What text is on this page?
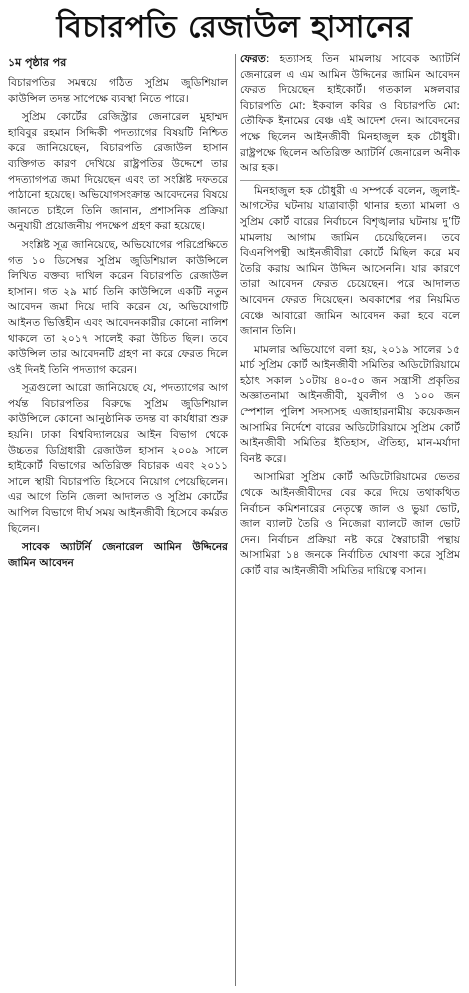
বিচারপতি রেজাউল হাসানের
১ম পৃষ্ঠার পর

বিচারপতির সমন্বয়ে গঠিত সুপ্রিম জুডিশিয়াল কাউন্সিল তদন্ত সাপেক্ষে ব্যবস্থা নিতে পারে।

সুপ্রিম কোর্টের রেজিস্ট্রার জেনারেল মুহাম্মদ হাবিবুর রহমান সিদ্দিকী পদত্যাগের বিষয়টি নিশ্চিত করে জানিয়েছেন, বিচারপতি রেজাউল হাসান ব্যক্তিগত কারণ দেখিয়ে রাষ্ট্রপতির উদ্দেশে তার পদত্যাগপত্র জমা দিয়েছেন এবং তা সংশ্লিষ্ট দফতরে পাঠানো হয়েছে। অভিযোগসংক্রান্ত আবেদনের বিষয়ে জানতে চাইলে তিনি জানান, প্রশাসনিক প্রক্রিয়া অনুযায়ী প্রয়োজনীয় পদক্ষেপ গ্রহণ করা হয়েছে।

সংশ্লিষ্ট সূত্র জানিয়েছে, অভিযোগের পরিপ্রেক্ষিতে গত ১০ ডিসেম্বর সুপ্রিম জুডিশিয়াল কাউন্সিলে লিখিত বক্তব্য দাখিল করেন বিচারপতি রেজাউল হাসান। গত ২৯ মার্চ তিনি কাউন্সিলে একটি নতুন আবেদন জমা দিয়ে দাবি করেন যে, অভিযোগটি আইনত ভিত্তিহীন এবং আবেদনকারীর কোনো নালিশ থাকলে তা ২০১৭ সালেই করা উচিত ছিল। তবে কাউন্সিল তার আবেদনটি গ্রহণ না করে ফেরত দিলে ওই দিনই তিনি পদত্যাগ করেন।

সূত্রগুলো আরো জানিয়েছে যে, পদত্যাগের আগ পর্যন্ত বিচারপতির বিরুদ্ধে সুপ্রিম জুডিশিয়াল কাউন্সিলে কোনো আনুষ্ঠানিক তদন্ত বা কার্যধারা শুরু হয়নি। ঢাকা বিশ্ববিদ্যালয়ের আইন বিভাগ থেকে উচ্চতর ডিগ্রিধারী রেজাউল হাসান ২০০৯ সালে হাইকোর্ট বিভাগের অতিরিক্ত বিচারক এবং ২০১১ সালে স্থায়ী বিচারপতি হিসেবে নিয়োগ পেয়েছিলেন। এর আগে তিনি জেলা আদালত ও সুপ্রিম কোর্টের আপিল বিভাগে দীর্ঘ সময় আইনজীবী হিসেবে কর্মরত ছিলেন।

সাবেক অ্যাটর্নি জেনারেল আমিন উদ্দিনের জামিন আবেদন

ফেরত: হত্যাসহ তিন মামলায় সাবেক অ্যাটর্নি জেনারেল এ এম আমিন উদ্দিনের জামিন আবেদন ফেরত দিয়েছেন হাইকোর্ট। গতকাল মঙ্গলবার বিচারপতি মো: ইকবাল কবির ও বিচারপতি মো: তৌফিক ইনামের বেঞ্চ এই আদেশ দেন। আবেদনের পক্ষে ছিলেন আইনজীবী মিনহাজুল হক চৌধুরী। রাষ্ট্রপক্ষে ছিলেন অতিরিক্ত অ্যাটর্নি জেনারেল অনীক আর হক।

মিনহাজুল হক চৌধুরী এ সম্পর্কে বলেন, জুলাই-আগস্টের ঘটনায় যাত্রাবাড়ী থানার হত্যা মামলা ও সুপ্রিম কোর্ট বারের নির্বাচনে বিশৃঙ্খলার ঘটনায় দু’টি মামলায় আগাম জামিন চেয়েছিলেন। তবে বিএনপিপন্থী আইনজীবীরা কোর্টে মিছিল করে মব তৈরি করায় আমিন উদ্দিন আসেননি। যার কারণে তারা আবেদন ফেরত চেয়েছেন। পরে আদালত আবেদন ফেরত দিয়েছেন। অবকাশের পর নিয়মিত বেঞ্চে আবারো জামিন আবেদন করা হবে বলে জানান তিনি।

মামলার অভিযোগে বলা হয়, ২০১৯ সালের ১৫ মার্চ সুপ্রিম কোর্ট আইনজীবী সমিতির অডিটোরিয়ামে হঠাৎ সকাল ১০টায় ৪০-৫০ জন সন্ত্রাসী প্রকৃতির অজ্ঞাতনামা আইনজীবী, যুবলীগ ও ১০০ জন স্পেশাল পুলিশ সদস্যসহ এজাহারনামীয় কয়েকজন আসামির নির্দেশে বারের অডিটোরিয়ামে সুপ্রিম কোর্ট আইনজীবী সমিতির ইতিহাস, ঐতিহ্য, মান-মর্যাদা বিনষ্ট করে।

আসামিরা সুপ্রিম কোর্ট অডিটোরিয়ামের ভেতর থেকে আইনজীবীদের বের করে দিয়ে তথাকথিত নির্বাচন কমিশনারের নেতৃত্বে জাল ও ভুয়া ভোট, জাল ব্যালট তৈরি ও নিজেরা ব্যালটে জাল ভোট দেন। নির্বাচন প্রক্রিয়া নষ্ট করে স্বৈরাচারী পন্থায় আসামিরা ১৪ জনকে নির্বাচিত ঘোষণা করে সুপ্রিম কোর্ট বার আইনজীবী সমিতির দায়িত্বে বসান।
